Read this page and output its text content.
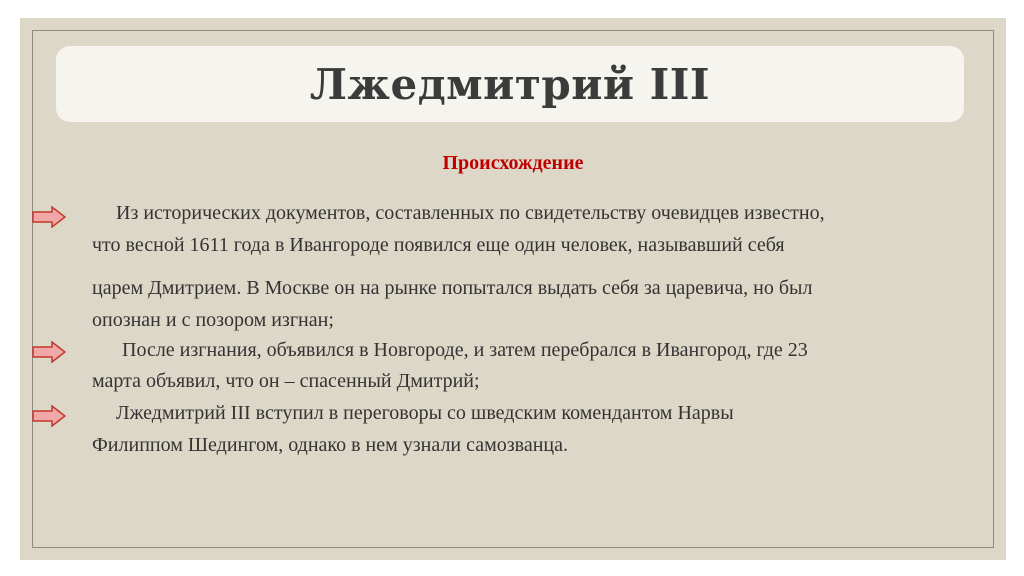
Лжедмитрий III
Происхождение
Из исторических документов, составленных по свидетельству очевидцев известно,
что весной 1611 года в Ивангороде появился еще один человек, называвший себя
царем Дмитрием. В Москве он на рынке попытался выдать себя за царевича, но был
опознан и с позором изгнан;
После изгнания, объявился в Новгороде, и затем перебрался в Ивангород, где 23
марта объявил, что он – спасенный Дмитрий;
Лжедмитрий III вступил в переговоры со шведским комендантом Нарвы
Филиппом Шедингом, однако в нем узнали самозванца.
